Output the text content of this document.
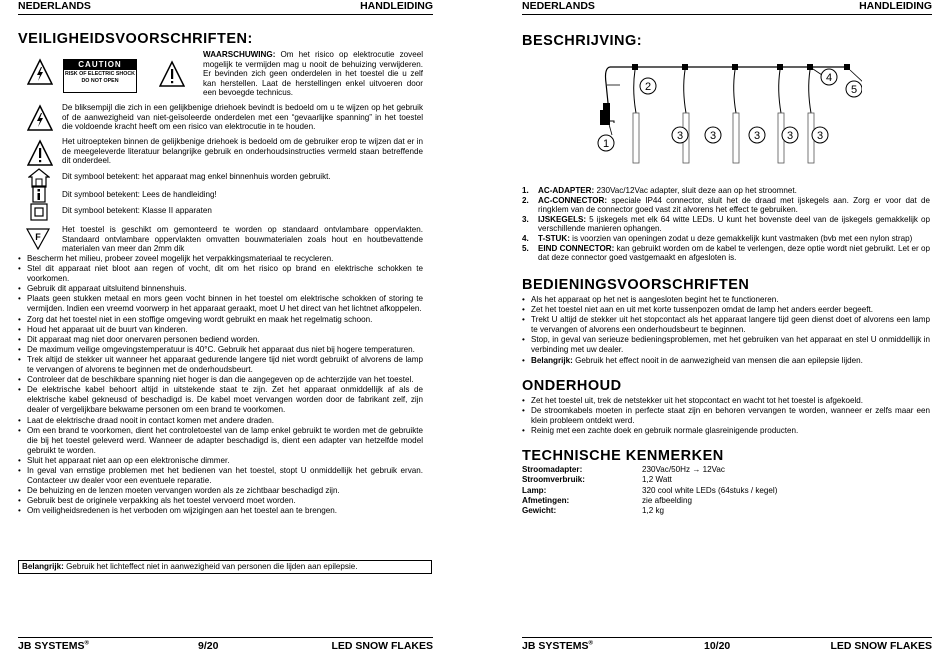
NEDERLANDS	HANDLEIDING
VEILIGHEIDSVOORSCHRIFTEN:
CAUTION
RISK OF ELECTRIC SHOCK
DO NOT OPEN
WAARSCHUWING: Om het risico op elektrocutie zoveel mogelijk te vermijden mag u nooit de behuizing verwijderen. Er bevinden zich geen onderdelen in het toestel die u zelf kan herstellen. Laat de herstellingen enkel uitvoeren door een bevoegde technicus.
De bliksempijl die zich in een gelijkbenige driehoek bevindt is bedoeld om u te wijzen op het gebruik of de aanwezigheid van niet-geïsoleerde onderdelen met een “gevaarlijke spanning” in het toestel die voldoende kracht heeft om een risico van elektrocutie in te houden.
Het uitroepteken binnen de gelijkbenige driehoek is bedoeld om de gebruiker erop te wijzen dat er in de meegeleverde literatuur belangrijke gebruik en onderhoudsinstructies vermeld staan betreffende dit onderdeel.
Dit symbool betekent: het apparaat mag enkel binnenhuis worden gebruikt.
Dit symbool betekent: Lees de handleiding!
Dit symbool betekent: Klasse II apparaten
F
Het toestel is geschikt om gemonteerd te worden op standaard ontvlambare oppervlakten. Standaard ontvlambare oppervlakten omvatten bouwmaterialen zoals hout en houtbevattende materialen van meer dan 2mm dik
• Bescherm het milieu, probeer zoveel mogelijk het verpakkingsmateriaal te recycleren.
• Stel dit apparaat niet bloot aan regen of vocht, dit om het risico op brand en elektrische schokken te voorkomen.
• Gebruik dit apparaat uitsluitend binnenshuis.
• Plaats geen stukken metaal en mors geen vocht binnen in het toestel om elektrische schokken of storing te vermijden. Indien een vreemd voorwerp in het apparaat geraakt, moet U het direct van het lichtnet afkoppelen.
• Zorg dat het toestel niet in een stoffige omgeving wordt gebruikt en maak het regelmatig schoon.
• Houd het apparaat uit de buurt van kinderen.
• Dit apparaat mag niet door onervaren personen bediend worden.
• De maximum veilige omgevingstemperatuur is 40°C. Gebruik het apparaat dus niet bij hogere temperaturen.
• Trek altijd de stekker uit wanneer het apparaat gedurende langere tijd niet wordt gebruikt of alvorens de lamp te vervangen of alvorens te beginnen met de onderhoudsbeurt.
• Controleer dat de beschikbare spanning niet hoger is dan die aangegeven op de achterzijde van het toestel.
• De elektrische kabel behoort altijd in uitstekende staat te zijn. Zet het apparaat onmiddellijk af als de elektrische kabel gekneusd of beschadigd is. De kabel moet vervangen worden door de fabrikant zelf, zijn dealer of vergelijkbare bekwame personen om een brand te voorkomen.
• Laat de elektrische draad nooit in contact komen met andere draden.
• Om een brand te voorkomen, dient het controletoestel van de lamp enkel gebruikt te worden met de gebruikte die bij het toestel geleverd werd. Wanneer de adapter beschadigd is, dient een adapter van hetzelfde model gebruikt te worden.
• Sluit het apparaat niet aan op een elektronische dimmer.
• In geval van ernstige problemen met het bedienen van het toestel, stopt U onmiddellijk het gebruik ervan. Contacteer uw dealer voor een eventuele reparatie.
• De behuizing en de lenzen moeten vervangen worden als ze zichtbaar beschadigd zijn.
• Gebruik best de originele verpakking als het toestel vervoerd moet worden.
• Om veiligheidsredenen is het verboden om wijzigingen aan het toestel aan te brengen.
Belangrijk: Gebruik het lichteffect niet in aanwezigheid van personen die lijden aan epilepsie.
JB SYSTEMS®	9/20	LED SNOW FLAKES
NEDERLANDS	HANDLEIDING
BESCHRIJVING:
1
2
3 3	3 3 3
4
5
1. AC-ADAPTER: 230Vac/12Vac adapter, sluit deze aan op het stroomnet.
2. AC-CONNECTOR: speciale IP44 connector, sluit het de draad met ijskegels aan. Zorg er voor dat de ringklem van de connector goed vast zit alvorens het effect te gebruiken.
3. IJSKEGELS: 5 ijskegels met elk 64 witte LEDs. U kunt het bovenste deel van de ijskegels gemakkelijk op verschillende manieren ophangen.
4. T-STUK: is voorzien van openingen zodat u deze gemakkelijk kunt vastmaken (bvb met een nylon strap)
5. EIND CONNECTOR: kan gebruikt worden om de kabel te verlengen, deze optie wordt niet gebruikt. Let er op dat deze connector goed vastgemaakt en afgesloten is.
BEDIENINGSVOORSCHRIFTEN
• Als het apparaat op het net is aangesloten begint het te functioneren.
• Zet het toestel niet aan en uit met korte tussenpozen omdat de lamp het anders eerder begeeft.
• Trekt U altijd de stekker uit het stopcontact als het apparaat langere tijd geen dienst doet of alvorens een lamp te vervangen of alvorens een onderhoudsbeurt te beginnen.
• Stop, in geval van serieuze bedieningsproblemen, met het gebruiken van het apparaat en stel U onmiddellijk in verbinding met uw dealer.
• Belangrijk: Gebruik het effect nooit in de aanwezigheid van mensen die aan epilepsie lijden.
ONDERHOUD
• Zet het toestel uit, trek de netstekker uit het stopcontact en wacht tot het toestel is afgekoeld.
• De stroomkabels moeten in perfecte staat zijn en behoren vervangen te worden, wanneer er zelfs maar een klein probleem ontdekt werd.
• Reinig met een zachte doek en gebruik normale glasreinigende producten.
TECHNISCHE KENMERKEN
Stroomadapter:	230Vac/50Hz → 12Vac
Stroomverbruik:	1,2 Watt
Lamp:	320 cool white LEDs (64stuks / kegel)
Afmetingen:	zie afbeelding
Gewicht:	1,2 kg
JB SYSTEMS®	10/20	LED SNOW FLAKES
